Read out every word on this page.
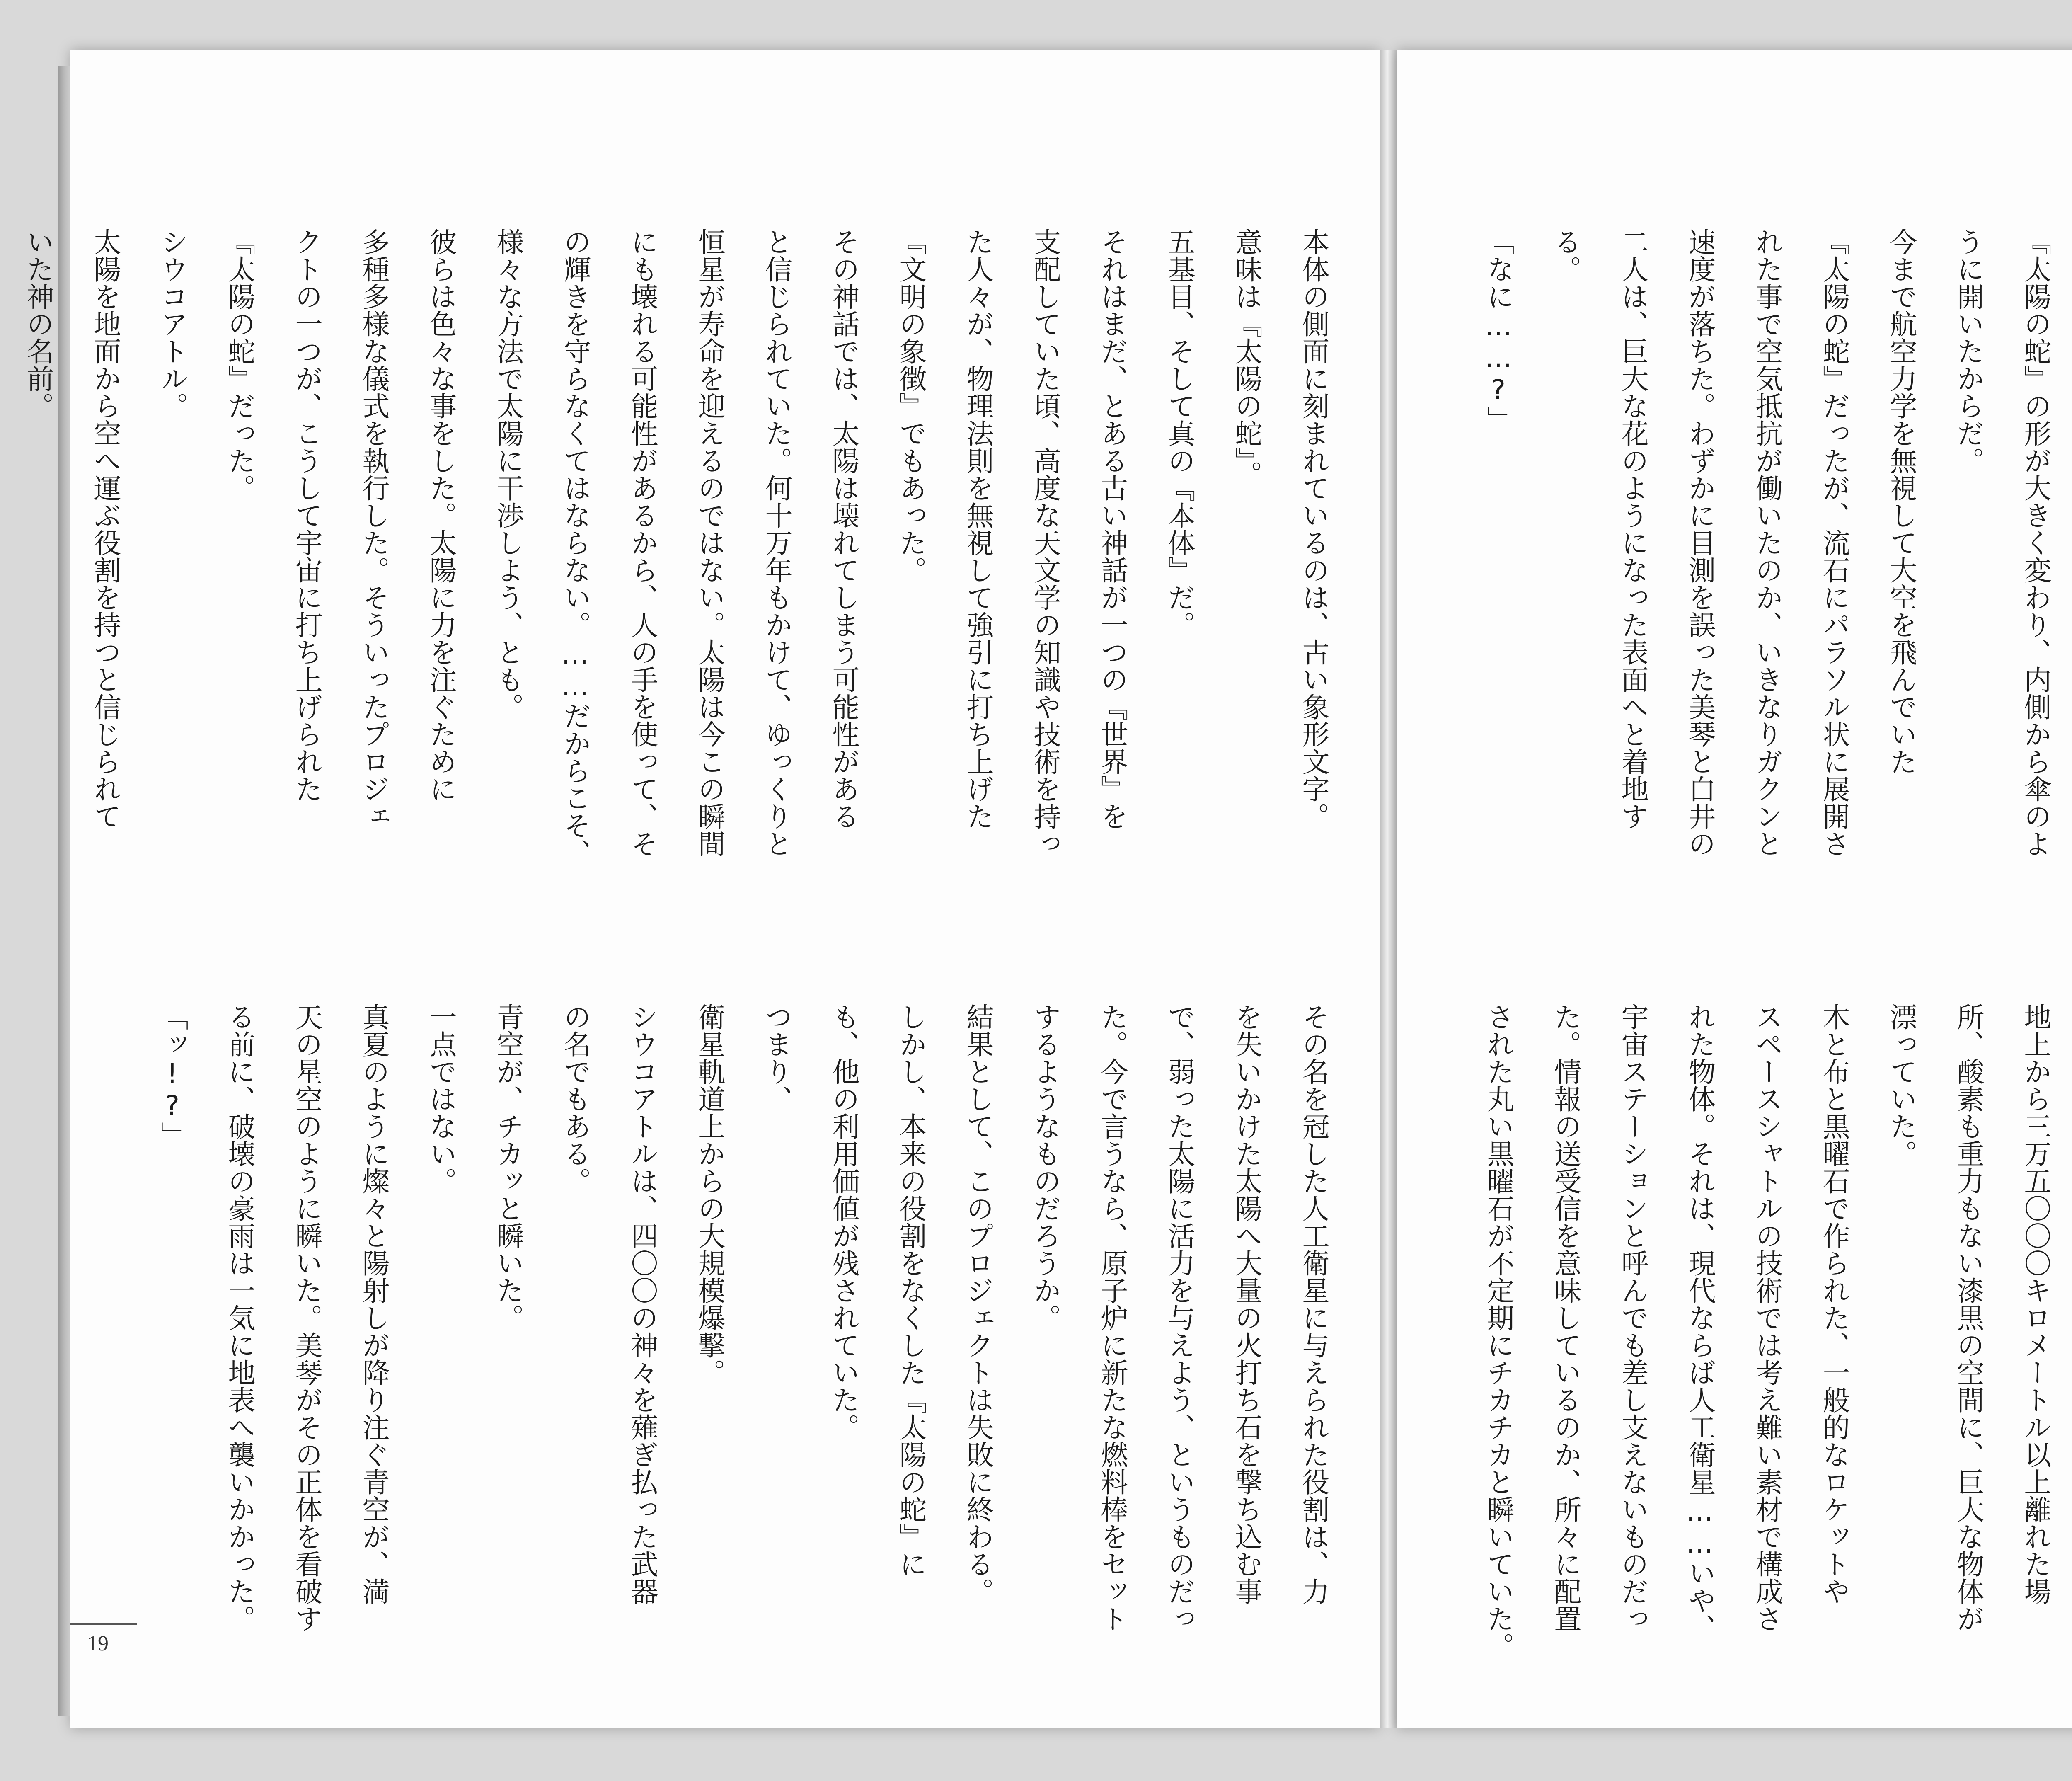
本体の側面に刻まれているのは、古い象形文字。

意味は『太陽の蛇』。

五基目、そして真の『本体』だ。

それはまだ、とある古い神話が一つの『世界』を

支配していた頃、高度な天文学の知識や技術を持っ

た人々が、物理法則を無視して強引に打ち上げた

『文明の象徴』でもあった。

その神話では、太陽は壊れてしまう可能性がある

と信じられていた。何十万年もかけて、ゆっくりと

恒星が寿命を迎えるのではない。太陽は今この瞬間

にも壊れる可能性があるから、人の手を使って、そ

の輝きを守らなくてはならない。……だからこそ、

様々な方法で太陽に干渉しよう、とも。

彼らは色々な事をした。太陽に力を注ぐために

多種多様な儀式を執行した。そういったプロジェ

クトの一つが、こうして宇宙に打ち上げられた

『太陽の蛇』だった。

シウコアトル。

太陽を地面から空へ運ぶ役割を持つと信じられて

いた神の名前。

その名を冠した人工衛星に与えられた役割は、力

を失いかけた太陽へ大量の火打ち石を撃ち込む事

で、弱った太陽に活力を与えよう、というものだっ

た。今で言うなら、原子炉に新たな燃料棒をセット

するようなものだろうか。

結果として、このプロジェクトは失敗に終わる。

しかし、本来の役割をなくした『太陽の蛇』に

も、他の利用価値が残されていた。

つまり、

衛星軌道上からの大規模爆撃。

シウコアトルは、四〇〇の神々を薙ぎ払った武器

の名でもある。

青空が、チカッと瞬いた。

一点ではない。

真夏のように燦々と陽射しが降り注ぐ青空が、満

天の星空のように瞬いた。美琴がその正体を看破す

る前に、破壊の豪雨は一気に地表へ襲いかかった。

「ッ!?」

19

『太陽の蛇』の形が大きく変わり、内側から傘のよ

うに開いたからだ。

今まで航空力学を無視して大空を飛んでいた

『太陽の蛇』だったが、流石にパラソル状に展開さ

れた事で空気抵抗が働いたのか、いきなりガクンと

速度が落ちた。わずかに目測を誤った美琴と白井の

二人は、巨大な花のようになった表面へと着地す

る。

「なに……?」

地上から三万五〇〇〇キロメートル以上離れた場

所、酸素も重力もない漆黒の空間に、巨大な物体が

漂っていた。

木と布と黒曜石で作られた、一般的なロケットや

スペースシャトルの技術では考え難い素材で構成さ

れた物体。それは、現代ならば人工衛星……いや、

宇宙ステーションと呼んでも差し支えないものだっ

た。情報の送受信を意味しているのか、所々に配置

された丸い黒曜石が不定期にチカチカと瞬いていた。
